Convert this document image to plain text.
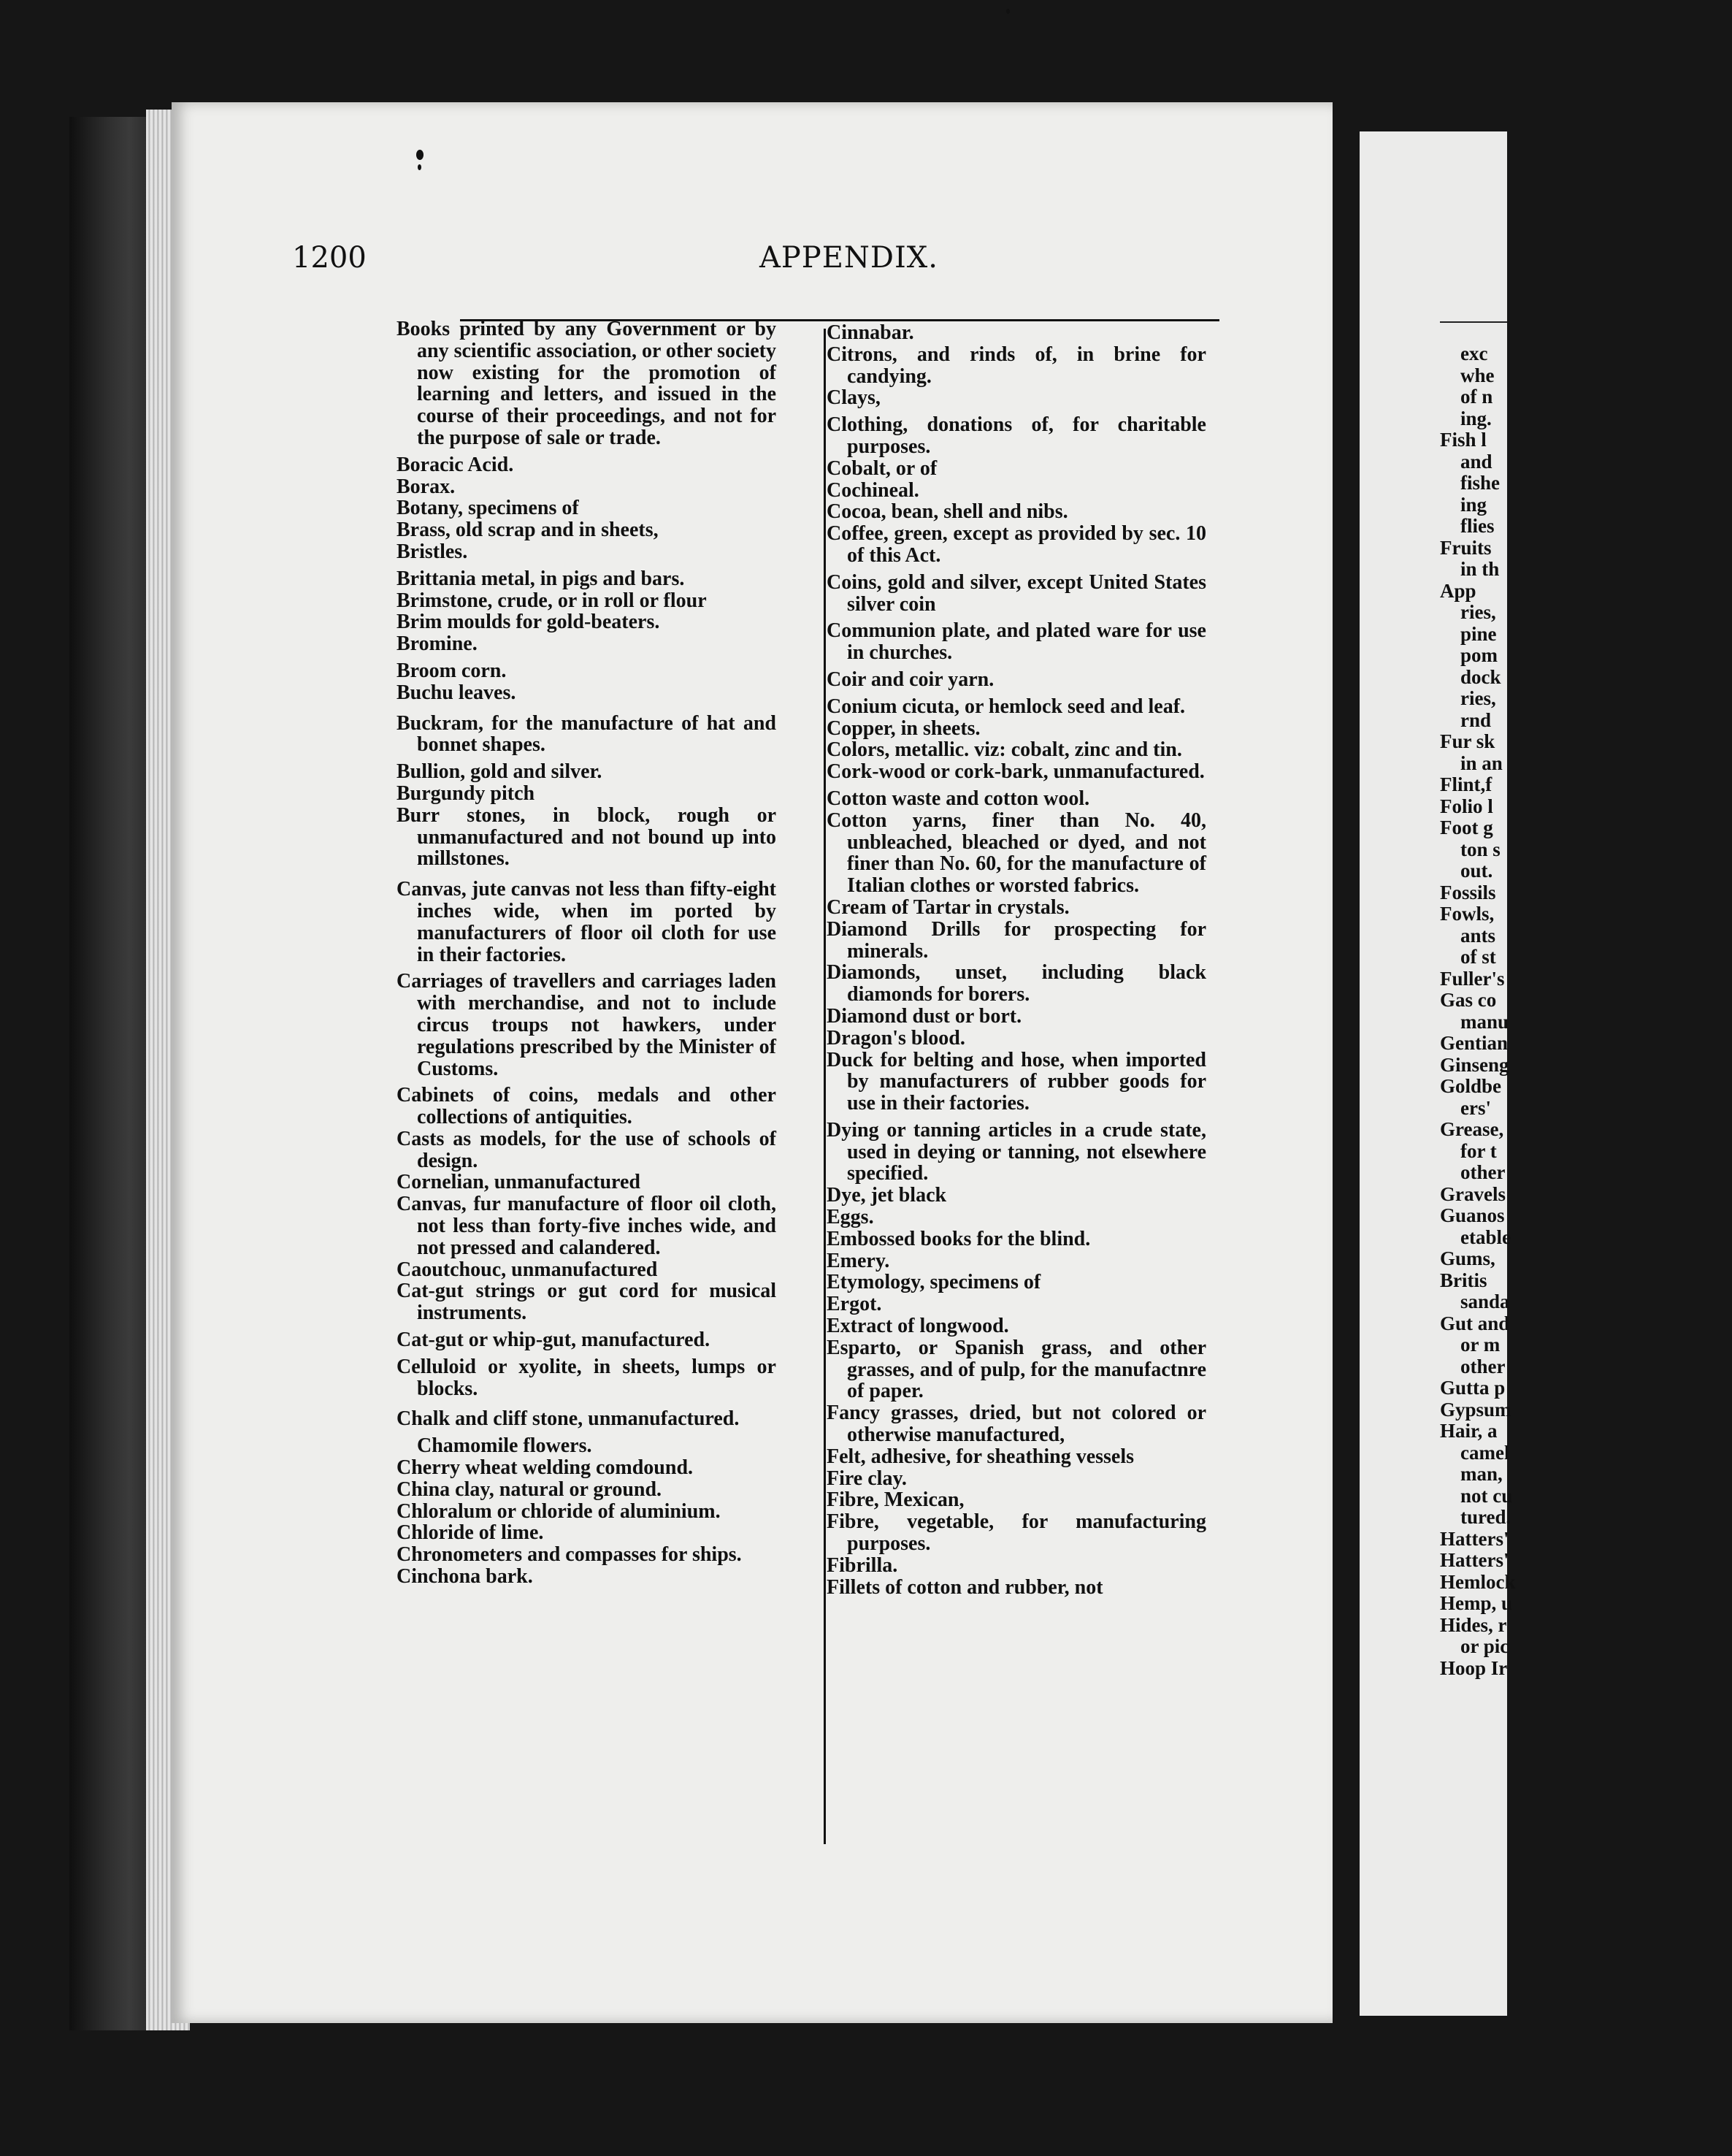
1200	APPENDIX.

Books printed by any Government or by any scientific association, or other society now existing for the promotion of learning and letters, and issued in the course of their proceedings, and not for the purpose of sale or trade.

Boracic Acid.

Borax.

Botany, specimens of

Brass, old scrap and in sheets,

Bristles.

Brittania metal, in pigs and bars.

Brimstone, crude, or in roll or flour

Brim moulds for gold-beaters.

Bromine.

Broom corn.

Buchu leaves.

Buckram, for the manufacture of hat and bonnet shapes.

Bullion, gold and silver.

Burgundy pitch

Burr stones, in block, rough or unmanufactured and not bound up into millstones.

Canvas, jute canvas not less than fifty-eight inches wide, when im ported by manufacturers of floor oil cloth for use in their factories.

Carriages of travellers and carriages laden with merchandise, and not to include circus troups not hawkers, under regulations prescribed by the Minister of Customs.

Cabinets of coins, medals and other collections of antiquities.

Casts as models, for the use of schools of design.

Cornelian, unmanufactured

Canvas, fur manufacture of floor oil cloth, not less than forty-five inches wide, and not pressed and calandered.

Caoutchouc, unmanufactured

Cat-gut strings or gut cord for musical instruments.

Cat-gut or whip-gut, manufactured.

Celluloid or xyolite, in sheets, lumps or blocks.

Chalk and cliff stone, unmanufactured.

Chamomile flowers.

Cherry wheat welding comdound.

China clay, natural or ground.

Chloralum or chloride of aluminium.

Chloride of lime.

Chronometers and compasses for ships.

Cinchona bark.

Cinnabar.

Citrons, and rinds of, in brine for candying.

Clays,

Clothing, donations of, for charitable purposes.

Cobalt, or of

Cochineal.

Cocoa, bean, shell and nibs.

Coffee, green, except as provided by sec. 10 of this Act.

Coins, gold and silver, except United States silver coin

Communion plate, and plated ware for use in churches.

Coir and coir yarn.

Conium cicuta, or hemlock seed and leaf.

Copper, in sheets.

Colors, metallic. viz: cobalt, zinc and tin.

Cork-wood or cork-bark, unmanufactured.

Cotton waste and cotton wool.

Cotton yarns, finer than No. 40, unbleached, bleached or dyed, and not finer than No. 60, for the manufacture of Italian clothes or worsted fabrics.

Cream of Tartar in crystals.

Diamond Drills for prospecting for minerals.

Diamonds, unset, including black diamonds for borers.

Diamond dust or bort.

Dragon's blood.

Duck for belting and hose, when imported by manufacturers of rubber goods for use in their factories.

Dying or tanning articles in a crude state, used in deying or tanning, not elsewhere specified.

Dye, jet black

Eggs.

Embossed books for the blind.

Emery.

Etymology, specimens of

Ergot.

Extract of longwood.

Esparto, or Spanish grass, and other grasses, and of pulp, for the manufactnre of paper.

Fancy grasses, dried, but not colored or otherwise manufactured,

Felt, adhesive, for sheathing vessels

Fire clay.

Fibre, Mexican,

Fibre, vegetable, for manufacturing purposes.

Fibrilla.

Fillets of cotton and rubber, not

exc
whe
of n
ing.
Fish l
and
fishe
ing
flies
Fruits
in th
App
ries,
pine
pom
dock
ries,
rnd
Fur sk
in an
Flint,f
Folio l
Foot g
ton s
out.
Fossils
Fowls,
ants
of st
Fuller's
Gas co
manu
Gentian
Ginseng
Goldbe
ers'
Grease,
for t
other
Gravels
Guanos
etable
Gums,
Britis
sanda
Gut and
or m
other
Gutta p
Gypsum
Hair, a
camel
man,
not cu
tured.
Hatters'
Hatters'
Hemlock
Hemp, u
Hides, r
or pic
Hoop Ir
